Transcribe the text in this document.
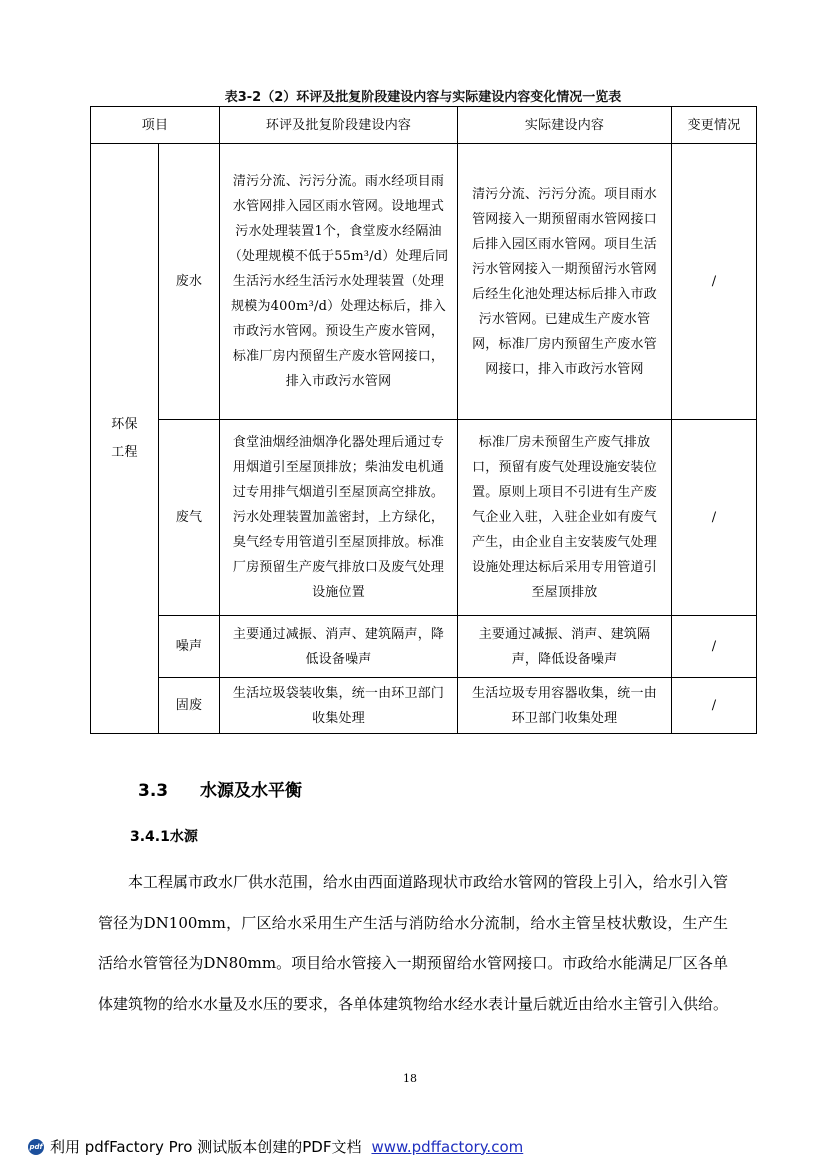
表3-2（2）环评及批复阶段建设内容与实际建设内容变化情况一览表
项目		环评及批复阶段建设内容	实际建设内容	变更情况
环保
工程	废水	清污分流、污污分流。雨水经项目雨水管网排入园区雨水管网。设地埋式污水处理装置1个，食堂废水经隔油（处理规模不低于55m³/d）处理后同生活污水经生活污水处理装置（处理规模为400m³/d）处理达标后，排入市政污水管网。预设生产废水管网，标准厂房内预留生产废水管网接口，排入市政污水管网	清污分流、污污分流。项目雨水管网接入一期预留雨水管网接口后排入园区雨水管网。项目生活污水管网接入一期预留污水管网后经生化池处理达标后排入市政污水管网。已建成生产废水管网，标准厂房内预留生产废水管网接口，排入市政污水管网	/
	废气	食堂油烟经油烟净化器处理后通过专用烟道引至屋顶排放；柴油发电机通过专用排气烟道引至屋顶高空排放。污水处理装置加盖密封，上方绿化，臭气经专用管道引至屋顶排放。标准厂房预留生产废气排放口及废气处理设施位置	标准厂房未预留生产废气排放口，预留有废气处理设施安装位置。原则上项目不引进有生产废气企业入驻，入驻企业如有废气产生，由企业自主安装废气处理设施处理达标后采用专用管道引至屋顶排放	/
	噪声	主要通过减振、消声、建筑隔声，降低设备噪声	主要通过减振、消声、建筑隔声，降低设备噪声	/
	固废	生活垃圾袋装收集，统一由环卫部门收集处理	生活垃圾专用容器收集，统一由环卫部门收集处理	/
3.3 水源及水平衡
3.4.1水源
本工程属市政水厂供水范围，给水由西面道路现状市政给水管网的管段上引入，给水引入管管径为DN100mm，厂区给水采用生产生活与消防给水分流制，给水主管呈枝状敷设，生产生活给水管管径为DN80mm。项目给水管接入一期预留给水管网接口。市政给水能满足厂区各单体建筑物的给水水量及水压的要求，各单体建筑物给水经水表计量后就近由给水主管引入供给。
18
pdf 利用 pdfFactory Pro 测试版本创建的PDF文档 www.pdffactory.com
